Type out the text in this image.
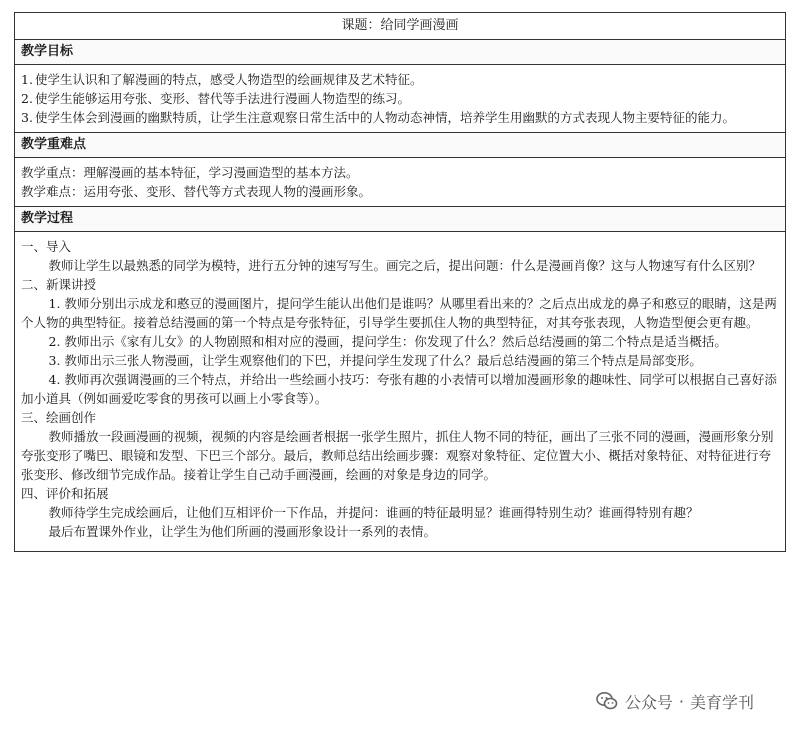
课题：给同学画漫画
教学目标
1. 使学生认识和了解漫画的特点，感受人物造型的绘画规律及艺术特征。
2. 使学生能够运用夸张、变形、替代等手法进行漫画人物造型的练习。
3. 使学生体会到漫画的幽默特质，让学生注意观察日常生活中的人物动态神情，培养学生用幽默的方式表现人物主要特征的能力。
教学重难点

教学重点：理解漫画的基本特征，学习漫画造型的基本方法。

教学难点：运用夸张、变形、替代等方式表现人物的漫画形象。

教学过程

一、导入

教师让学生以最熟悉的同学为模特，进行五分钟的速写写生。画完之后，提出问题：什么是漫画肖像？这与人物速写有什么区别？

二、新课讲授

1. 教师分别出示成龙和憨豆的漫画图片，提问学生能认出他们是谁吗？从哪里看出来的？之后点出成龙的鼻子和憨豆的眼睛，这是两个人物的典型特征。接着总结漫画的第一个特点是夸张特征，引导学生要抓住人物的典型特征，对其夸张表现，人物造型便会更有趣。

2. 教师出示《家有儿女》的人物剧照和相对应的漫画，提问学生：你发现了什么？然后总结漫画的第二个特点是适当概括。

3. 教师出示三张人物漫画，让学生观察他们的下巴，并提问学生发现了什么？最后总结漫画的第三个特点是局部变形。

4. 教师再次强调漫画的三个特点，并给出一些绘画小技巧：夸张有趣的小表情可以增加漫画形象的趣味性、同学可以根据自己喜好添加小道具（例如画爱吃零食的男孩可以画上小零食等）。

三、绘画创作

教师播放一段画漫画的视频，视频的内容是绘画者根据一张学生照片，抓住人物不同的特征，画出了三张不同的漫画，漫画形象分别夸张变形了嘴巴、眼镜和发型、下巴三个部分。最后，教师总结出绘画步骤：观察对象特征、定位置大小、概括对象特征、对特征进行夸张变形、修改细节完成作品。接着让学生自己动手画漫画，绘画的对象是身边的同学。

四、评价和拓展

教师待学生完成绘画后，让他们互相评价一下作品，并提问：谁画的特征最明显？谁画得特别生动？谁画得特别有趣？

最后布置课外作业，让学生为他们所画的漫画形象设计一系列的表情。

公众号 · 美育学刊
